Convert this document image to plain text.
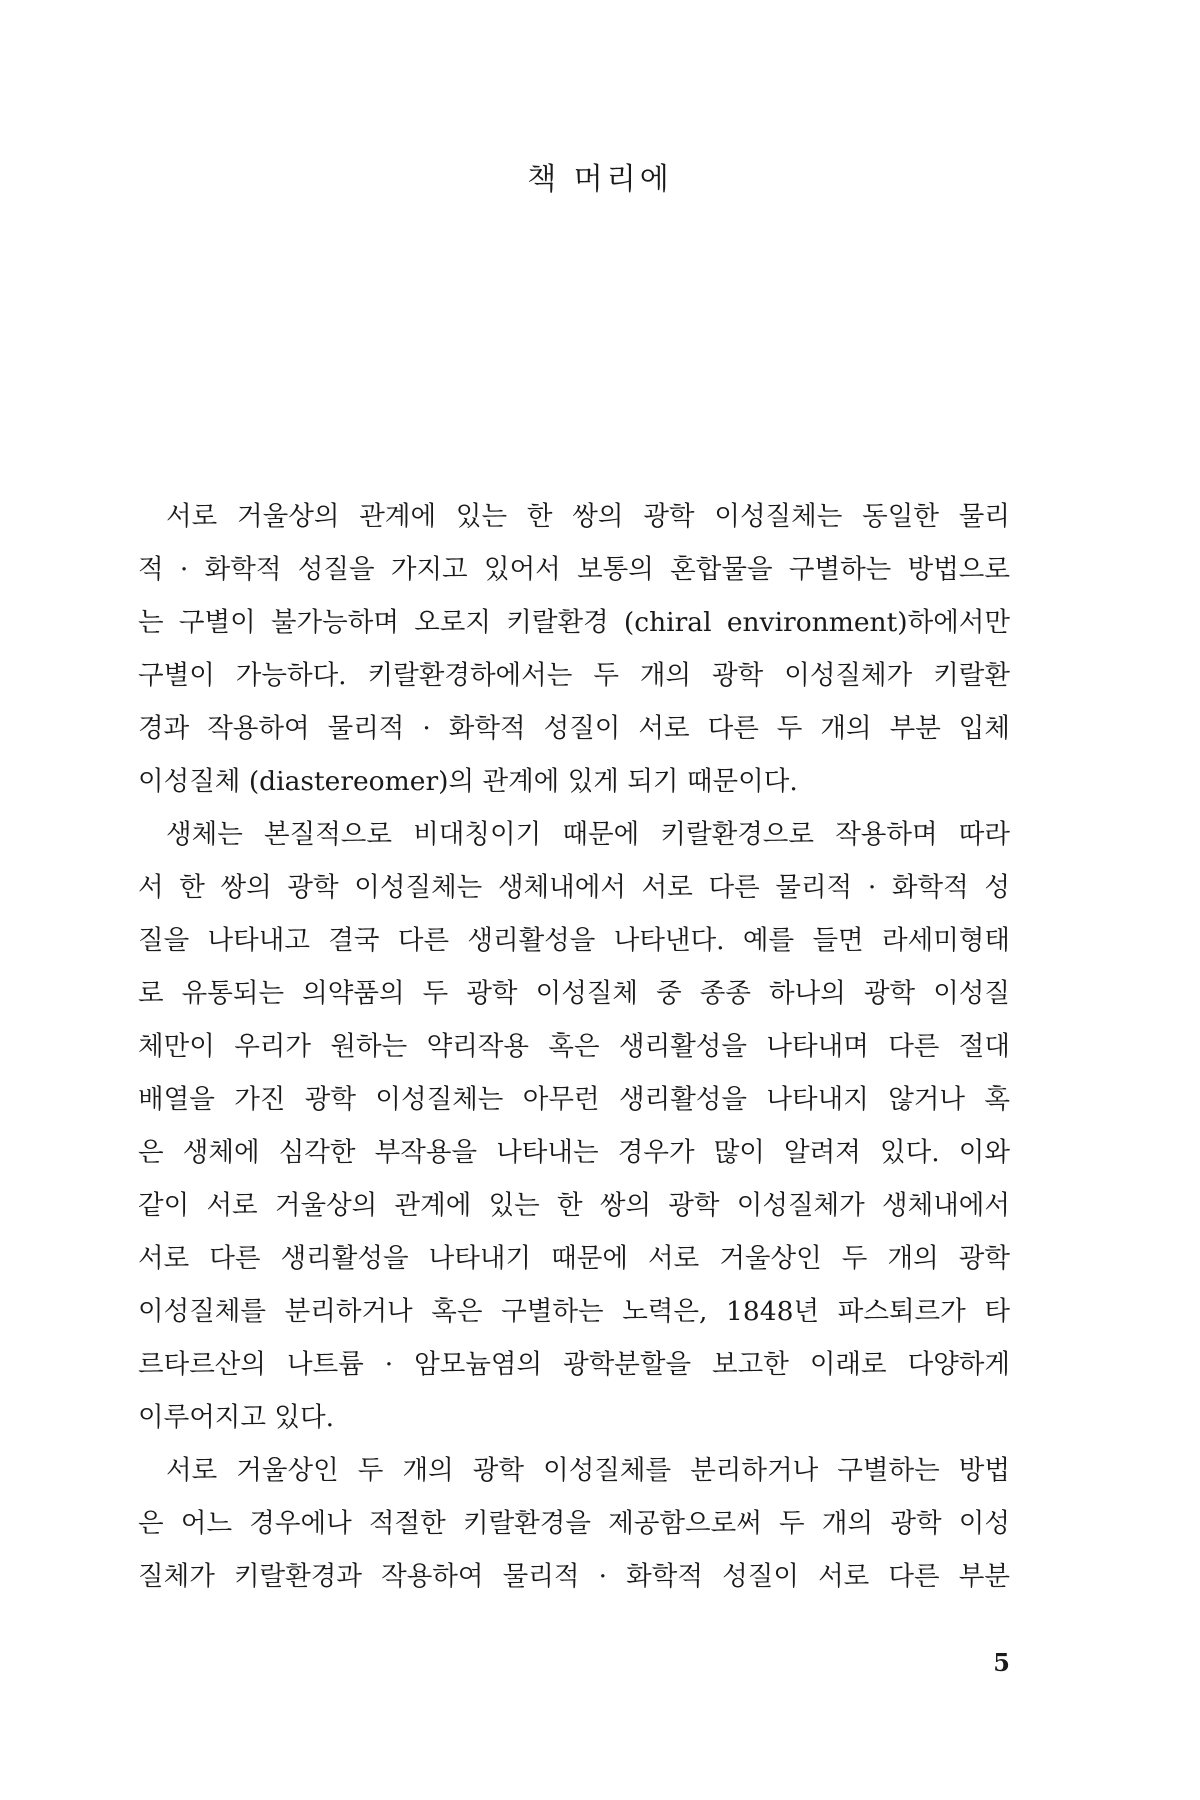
책 머리에
서로 거울상의 관계에 있는 한 쌍의 광학 이성질체는 동일한 물리
적 · 화학적 성질을 가지고 있어서 보통의 혼합물을 구별하는 방법으로
는 구별이 불가능하며 오로지 키랄환경 (chiral environment)하에서만
구별이 가능하다. 키랄환경하에서는 두 개의 광학 이성질체가 키랄환
경과 작용하여 물리적 · 화학적 성질이 서로 다른 두 개의 부분 입체
이성질체 (diastereomer)의 관계에 있게 되기 때문이다.
생체는 본질적으로 비대칭이기 때문에 키랄환경으로 작용하며 따라
서 한 쌍의 광학 이성질체는 생체내에서 서로 다른 물리적 · 화학적 성
질을 나타내고 결국 다른 생리활성을 나타낸다. 예를 들면 라세미형태
로 유통되는 의약품의 두 광학 이성질체 중 종종 하나의 광학 이성질
체만이 우리가 원하는 약리작용 혹은 생리활성을 나타내며 다른 절대
배열을 가진 광학 이성질체는 아무런 생리활성을 나타내지 않거나 혹
은 생체에 심각한 부작용을 나타내는 경우가 많이 알려져 있다. 이와
같이 서로 거울상의 관계에 있는 한 쌍의 광학 이성질체가 생체내에서
서로 다른 생리활성을 나타내기 때문에 서로 거울상인 두 개의 광학
이성질체를 분리하거나 혹은 구별하는 노력은, 1848년 파스퇴르가 타
르타르산의 나트륨 · 암모늄염의 광학분할을 보고한 이래로 다양하게
이루어지고 있다.
서로 거울상인 두 개의 광학 이성질체를 분리하거나 구별하는 방법
은 어느 경우에나 적절한 키랄환경을 제공함으로써 두 개의 광학 이성
질체가 키랄환경과 작용하여 물리적 · 화학적 성질이 서로 다른 부분
5
